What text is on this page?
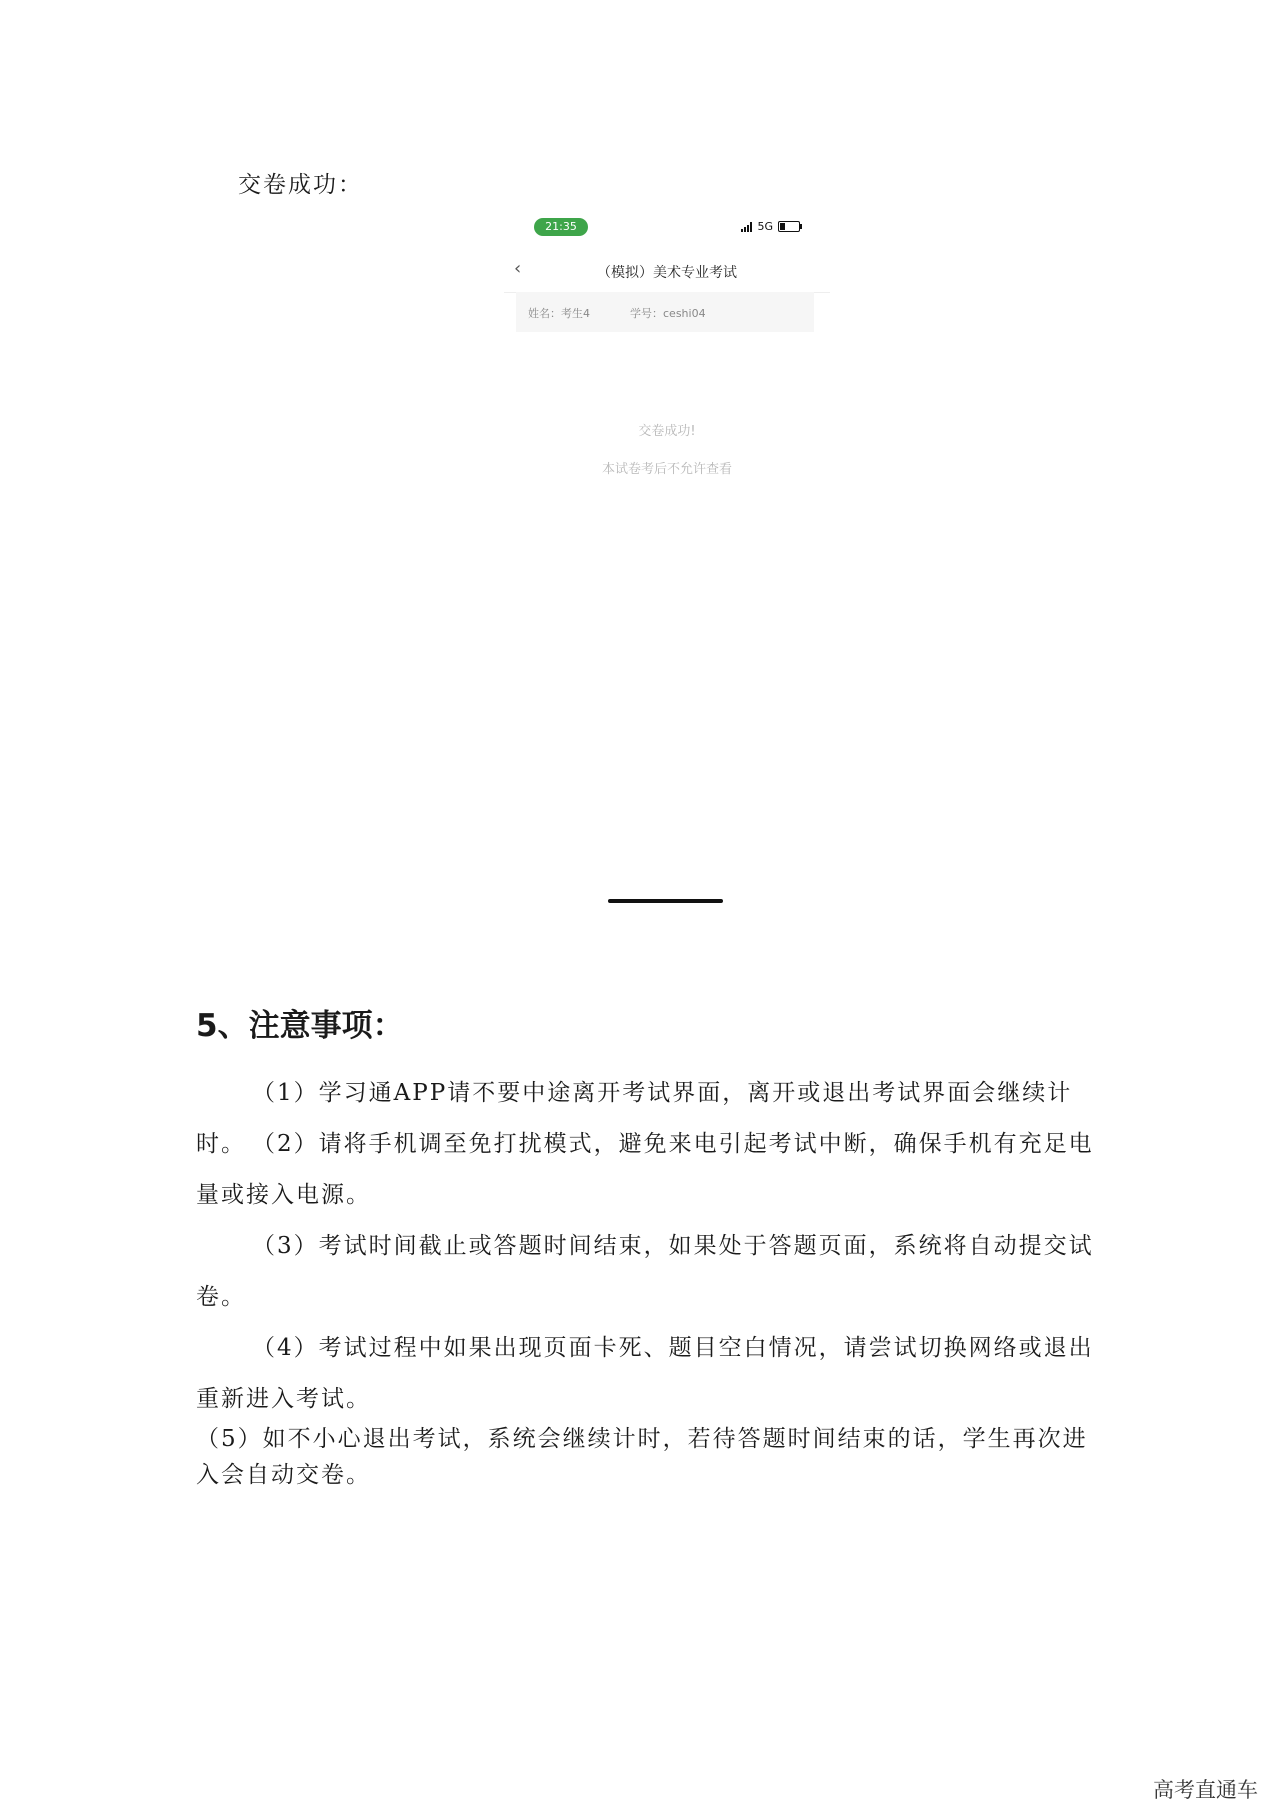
交卷成功：
21:35	5G
‹	（模拟）美术专业考试
姓名：考生4	学号：ceshi04
交卷成功!
本试卷考后不允许查看
5、注意事项：
（1）学习通APP请不要中途离开考试界面，离开或退出考试界面会继续计时。 （2）请将手机调至免打扰模式，避免来电引起考试中断，确保手机有充足电量或接入电源。
（3）考试时间截止或答题时间结束，如果处于答题页面，系统将自动提交试卷。
（4）考试过程中如果出现页面卡死、题目空白情况，请尝试切换网络或退出重新进入考试。
（5）如不小心退出考试，系统会继续计时，若待答题时间结束的话，学生再次进入会自动交卷。
高考直通车
